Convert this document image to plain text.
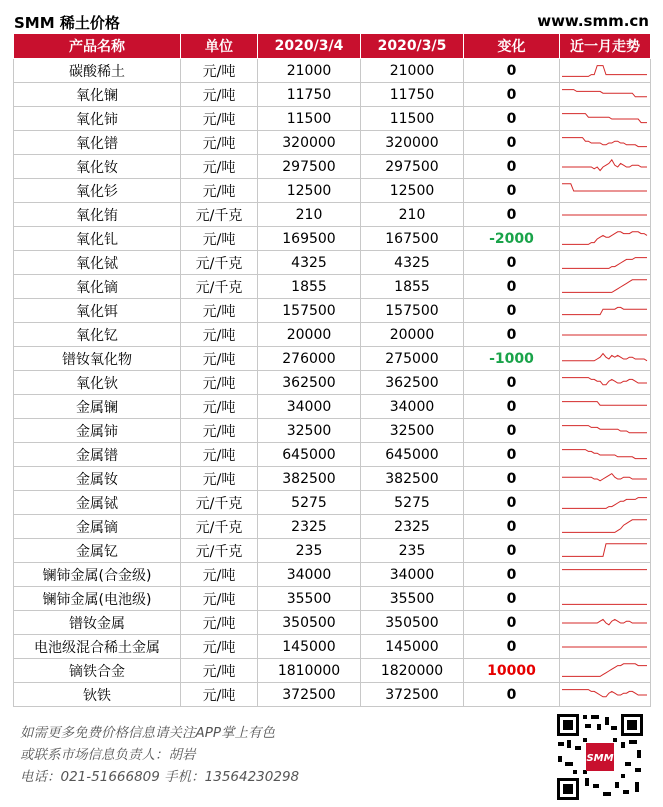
SMM 稀土价格	www.smm.cn
产品名称	单位	2020/3/4	2020/3/5	变化	近一月走势
碳酸稀土	元/吨	21000	21000	0	

氧化镧	元/吨	11750	11750	0	

氧化铈	元/吨	11500	11500	0	

氧化镨	元/吨	320000	320000	0	

氧化钕	元/吨	297500	297500	0	

氧化钐	元/吨	12500	12500	0	

氧化铕	元/千克	210	210	0	

氧化钆	元/吨	169500	167500	-2000	

氧化铽	元/千克	4325	4325	0	

氧化镝	元/千克	1855	1855	0	

氧化铒	元/吨	157500	157500	0	

氧化钇	元/吨	20000	20000	0	

镨钕氧化物	元/吨	276000	275000	-1000	

氧化钬	元/吨	362500	362500	0	

金属镧	元/吨	34000	34000	0	

金属铈	元/吨	32500	32500	0	

金属镨	元/吨	645000	645000	0	

金属钕	元/吨	382500	382500	0	

金属铽	元/千克	5275	5275	0	

金属镝	元/千克	2325	2325	0	

金属钇	元/千克	235	235	0	

镧铈金属(合金级)	元/吨	34000	34000	0	

镧铈金属(电池级)	元/吨	35500	35500	0	

镨钕金属	元/吨	350500	350500	0	

电池级混合稀土金属	元/吨	145000	145000	0	

镝铁合金	元/吨	1810000	1820000	10000	

钬铁	元/吨	372500	372500	0	
如需更多免费价格信息请关注APP掌上有色
或联系市场信息负责人：胡岩
电话：021-51666809 手机：13564230298
SMM
